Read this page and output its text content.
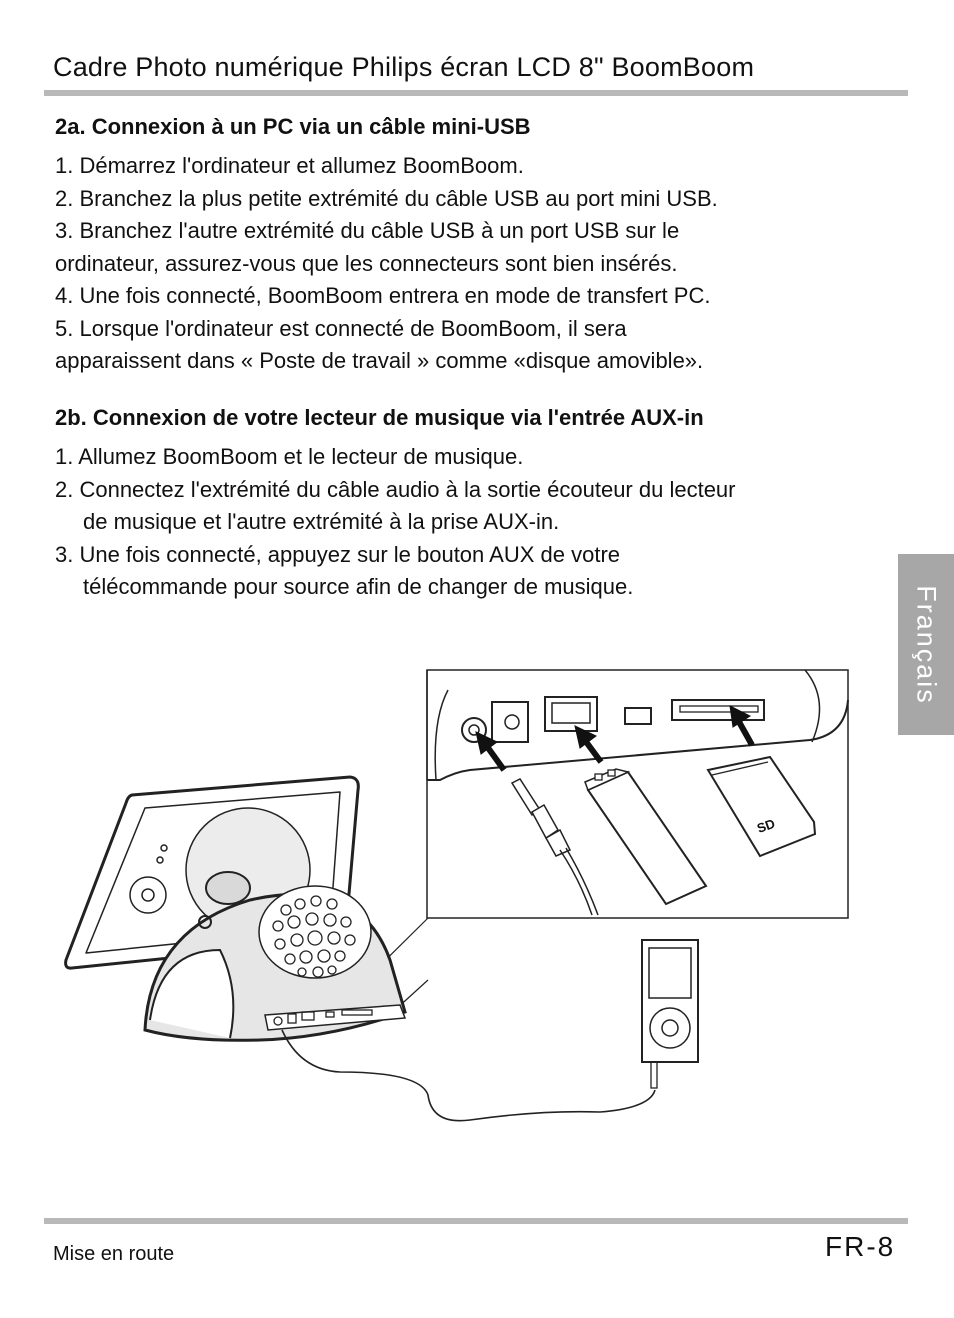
Cadre Photo numérique Philips écran LCD 8" BoomBoom
2a. Connexion à un PC via un câble mini-USB
1. Démarrez l'ordinateur et allumez BoomBoom.
2. Branchez la plus petite extrémité du câble USB au port mini USB.
3. Branchez l'autre extrémité du câble USB à un port USB sur le
ordinateur, assurez-vous que les connecteurs sont bien insérés.
4. Une fois connecté, BoomBoom entrera en mode de transfert PC.
5. Lorsque l'ordinateur est connecté de BoomBoom, il sera
apparaissent dans « Poste de travail » comme «disque amovible».
2b. Connexion de votre lecteur de musique via l'entrée AUX-in
1. Allumez BoomBoom et le lecteur de musique.
2. Connectez l'extrémité du câble audio à la sortie écouteur du lecteur
de musique et l'autre extrémité à la prise AUX-in.
3. Une fois connecté, appuyez sur le bouton AUX de votre
télécommande pour source afin de changer de musique.	Français
SD
Mise en route	FR-8
